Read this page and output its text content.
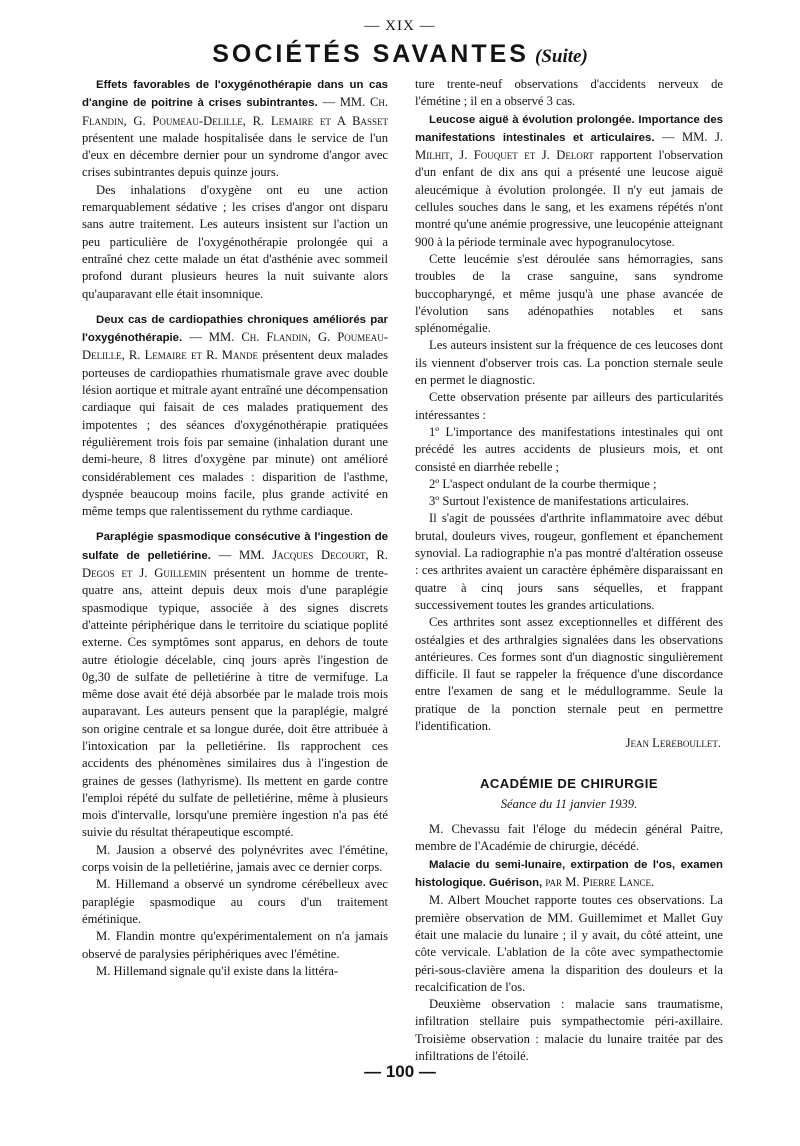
— XIX —
SOCIÉTÉS SAVANTES (Suite)

Effets favorables de l'oxygénothérapie dans un cas d'angine de poitrine à crises subintrantes. — MM. Ch. Flandin, G. Poumeau-Delille, R. Lemaire et A Basset présentent une malade hospitalisée dans le service de l'un d'eux en décembre dernier pour un syndrome d'angor avec crises subintrantes depuis quinze jours.

Des inhalations d'oxygène ont eu une action remarquablement sédative ; les crises d'angor ont disparu sans autre traitement. Les auteurs insistent sur l'action un peu particulière de l'oxygénothérapie prolongée qui a entraîné chez cette malade un état d'asthénie avec sommeil profond durant plusieurs heures la nuit suivante alors qu'auparavant elle était insomnique.

Deux cas de cardiopathies chroniques améliorés par l'oxygénothérapie. — MM. Ch. Flandin, G. Poumeau-Delille, R. Lemaire et R. Mande présentent deux malades porteuses de cardiopathies rhumatismale grave avec double lésion aortique et mitrale ayant entraîné une décompensation cardiaque qui faisait de ces malades pratiquement des impotentes ; des séances d'oxygénothérapie pratiquées régulièrement trois fois par semaine (inhalation durant une demi-heure, 8 litres d'oxygène par minute) ont amélioré considérablement ces malades : disparition de l'asthme, dyspnée beaucoup moins facile, plus grande activité en même temps que ralentissement du rythme cardiaque.

Paraplégie spasmodique consécutive à l'ingestion de sulfate de pelletiérine. — MM. Jacques Decourt, R. Degos et J. Guillemin présentent un homme de trente-quatre ans, atteint depuis deux mois d'une paraplégie spasmodique typique, associée à des signes discrets d'atteinte périphérique dans le territoire du sciatique poplité externe. Ces symptômes sont apparus, en dehors de toute autre étiologie décelable, cinq jours après l'ingestion de 0g,30 de sulfate de pelletiérine à titre de vermifuge. La même dose avait été déjà absorbée par le malade trois mois auparavant. Les auteurs pensent que la paraplégie, malgré son origine centrale et sa longue durée, doit être attribuée à l'intoxication par la pelletiérine. Ils rapprochent ces accidents des phénomènes similaires dus à l'ingestion de graines de gesses (lathyrisme). Ils mettent en garde contre l'emploi répété du sulfate de pelletiérine, même à plusieurs mois d'intervalle, lorsqu'une première ingestion n'a pas été suivie du résultat thérapeutique escompté.

M. Jausion a observé des polynévrites avec l'émétine, corps voisin de la pelletiérine, jamais avec ce dernier corps.

M. Hillemand a observé un syndrome cérébelleux avec paraplégie spasmodique au cours d'un traitement émétinique.

M. Flandin montre qu'expérimentalement on n'a jamais observé de paralysies périphériques avec l'émétine.

M. Hillemand signale qu'il existe dans la littéra-

ture trente-neuf observations d'accidents nerveux de l'émétine ; il en a observé 3 cas.

Leucose aiguë à évolution prolongée. Importance des manifestations intestinales et articulaires. — MM. J. Milhit, J. Fouquet et J. Delort rapportent l'observation d'un enfant de dix ans qui a présenté une leucose aiguë aleucémique à évolution prolongée. Il n'y eut jamais de cellules souches dans le sang, et les examens répétés n'ont montré qu'une anémie progressive, une leucopénie atteignant 900 à la période terminale avec hypogranulocytose.

Cette leucémie s'est déroulée sans hémorragies, sans troubles de la crase sanguine, sans syndrome buccopharyngé, et même jusqu'à une phase avancée de l'évolution sans adénopathies notables et sans splénomégalie.

Les auteurs insistent sur la fréquence de ces leucoses dont ils viennent d'observer trois cas. La ponction sternale seule en permet le diagnostic.

Cette observation présente par ailleurs des particularités intéressantes :

1º L'importance des manifestations intestinales qui ont précédé les autres accidents de plusieurs mois, et ont consisté en diarrhée rebelle ;

2º L'aspect ondulant de la courbe thermique ;

3º Surtout l'existence de manifestations articulaires.

Il s'agit de poussées d'arthrite inflammatoire avec début brutal, douleurs vives, rougeur, gonflement et épanchement synovial. La radiographie n'a pas montré d'altération osseuse : ces arthrites avaient un caractère éphémère disparaissant en quatre à cinq jours sans séquelles, et frappant successivement toutes les grandes articulations.

Ces arthrites sont assez exceptionnelles et différent des ostéalgies et des arthralgies signalées dans les observations antérieures. Ces formes sont d'un diagnostic singulièrement difficile. Il faut se rappeler la fréquence d'une discordance entre l'examen de sang et le médullogramme. Seule la pratique de la ponction sternale peut en permettre l'identification.

Jean Lereboullet.

ACADÉMIE DE CHIRURGIE
Séance du 11 janvier 1939.

M. Chevassu fait l'éloge du médecin général Paitre, membre de l'Académie de chirurgie, décédé.

Malacie du semi-lunaire, extirpation de l'os, examen histologique. Guérison, par M. Pierre Lance.

M. Albert Mouchet rapporte toutes ces observations. La première observation de MM. Guillemimet et Mallet Guy était une malacie du lunaire ; il y avait, du côté atteint, une côte vervicale. L'ablation de la côte avec sympathectomie péri-sous-clavière amena la disparition des douleurs et la recalcification de l'os.

Deuxième observation : malacie sans traumatisme, infiltration stellaire puis sympathectomie péri-axillaire. Troisième observation : malacie du lunaire traitée par des infiltrations de l'étoilé.

— 100 —
